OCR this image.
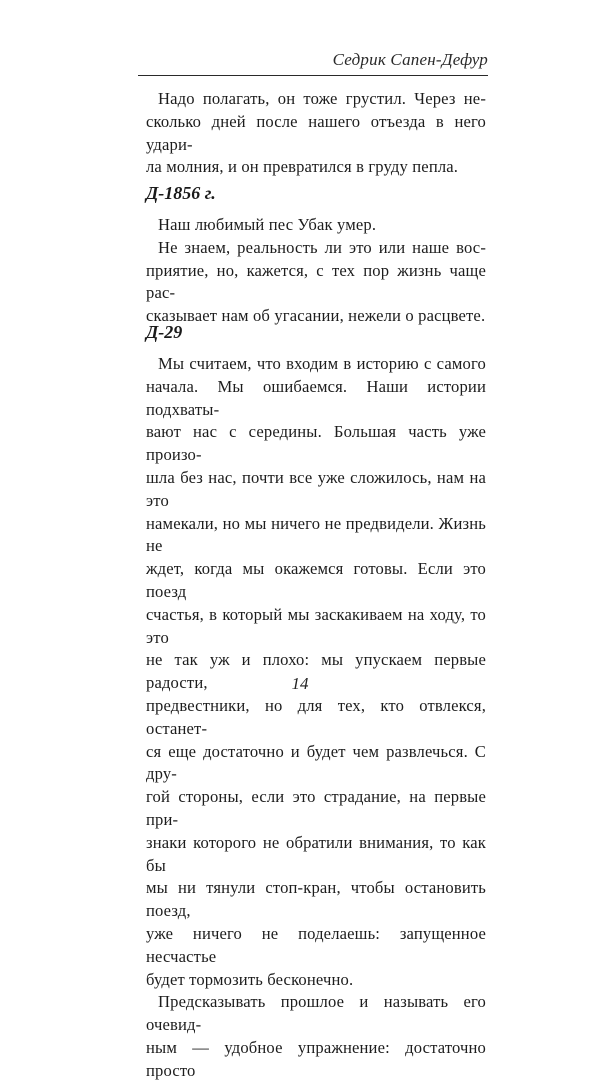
Седрик Сапен-Дефур

Надо полагать, он тоже грустил. Через не-
сколько дней после нашего отъезда в него удари-
ла молния, и он превратился в груду пепла.

Д-1856 г.

Наш любимый пес Убак умер.

Не знаем, реальность ли это или наше вос-
приятие, но, кажется, с тех пор жизнь чаще рас-
сказывает нам об угасании, нежели о расцвете.

Д-29

Мы считаем, что входим в историю с самого
начала. Мы ошибаемся. Наши истории подхваты-
вают нас с середины. Большая часть уже произо-
шла без нас, почти все уже сложилось, нам на это
намекали, но мы ничего не предвидели. Жизнь не
ждет, когда мы окажемся готовы. Если это поезд
счастья, в который мы заскакиваем на ходу, то это
не так уж и плохо: мы упускаем первые радости,
предвестники, но для тех, кто отвлекся, останет-
ся еще достаточно и будет чем развлечься. С дру-
гой стороны, если это страдание, на первые при-
знаки которого не обратили внимания, то как бы
мы ни тянули стоп-кран, чтобы остановить поезд,
уже ничего не поделаешь: запущенное несчастье
будет тормозить бесконечно.

Предсказывать прошлое и называть его очевид-
ным — удобное упражнение: достаточно просто

14
